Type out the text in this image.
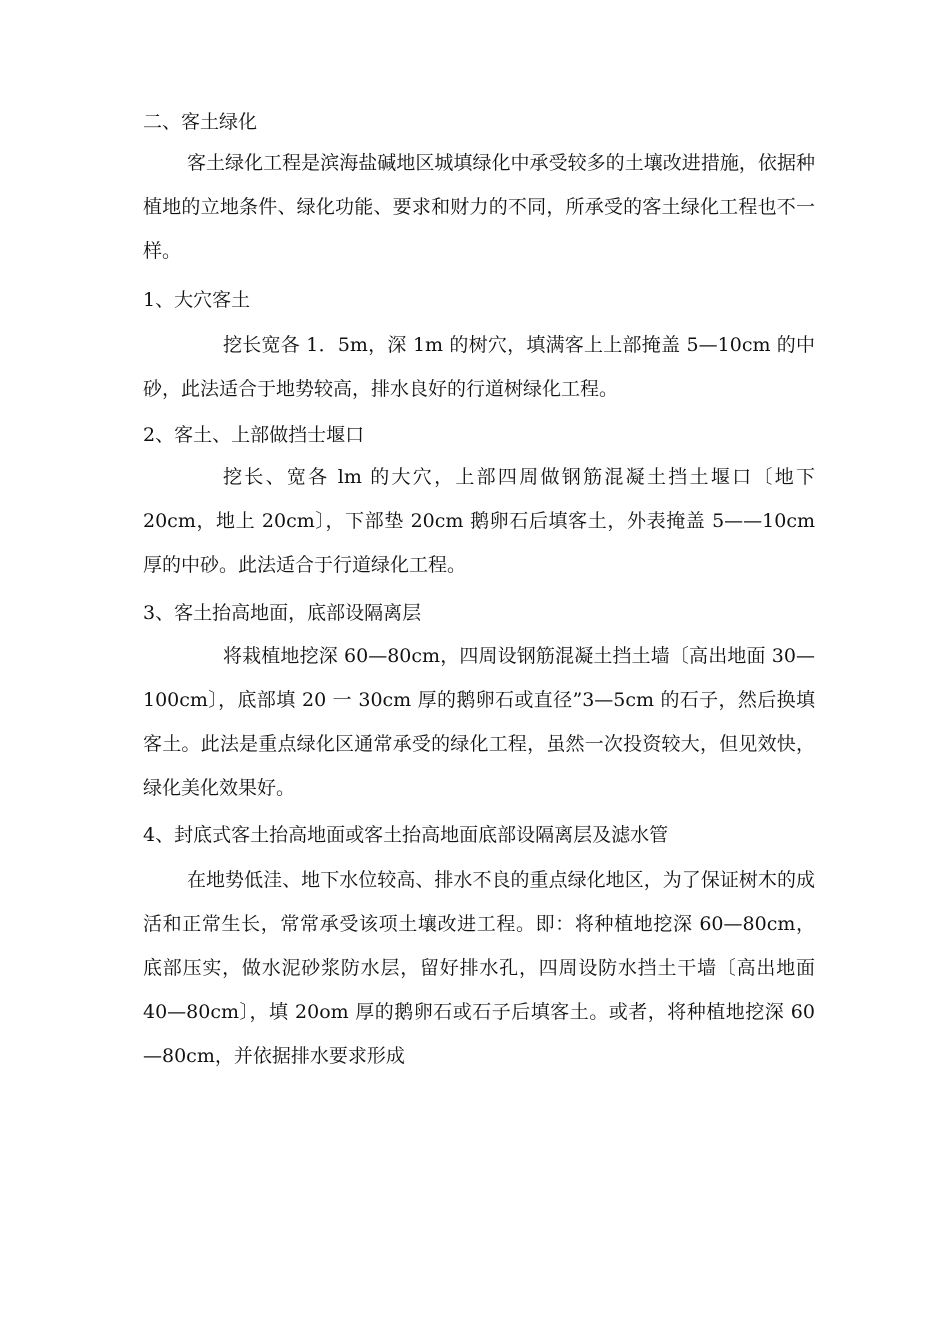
二、客土绿化

客土绿化工程是滨海盐碱地区城填绿化中承受较多的土壤改进措施，依据种植地的立地条件、绿化功能、要求和财力的不同，所承受的客土绿化工程也不一样。

1、大穴客土

挖长宽各 1．5m，深 1m 的树穴，填满客上上部掩盖 5—10cm 的中砂，此法适合于地势较高，排水良好的行道树绿化工程。

2、客土、上部做挡士堰口

挖长、宽各 lm 的大穴，上部四周做钢筋混凝土挡土堰口〔地下 20cm，地上 20cm〕，下部垫 20cm 鹅卵石后填客土，外表掩盖 5——10cm 厚的中砂。此法适合于行道绿化工程。

3、客土抬高地面，底部设隔离层

将栽植地挖深 60—80cm，四周设钢筋混凝土挡土墙〔高出地面 30—100cm〕，底部填 20 一 30cm 厚的鹅卵石或直径”3—5cm 的石子，然后换填客土。此法是重点绿化区通常承受的绿化工程，虽然一次投资较大，但见效快，绿化美化效果好。

4、封底式客土抬高地面或客土抬高地面底部设隔离层及滤水管

在地势低洼、地下水位较高、排水不良的重点绿化地区，为了保证树木的成活和正常生长，常常承受该项土壤改进工程。即：将种植地挖深 60—80cm，底部压实，做水泥砂浆防水层，留好排水孔，四周设防水挡土干墙〔高出地面 40—80cm〕，填 20om 厚的鹅卵石或石子后填客土。或者，将种植地挖深 60—80cm，并依据排水要求形成
